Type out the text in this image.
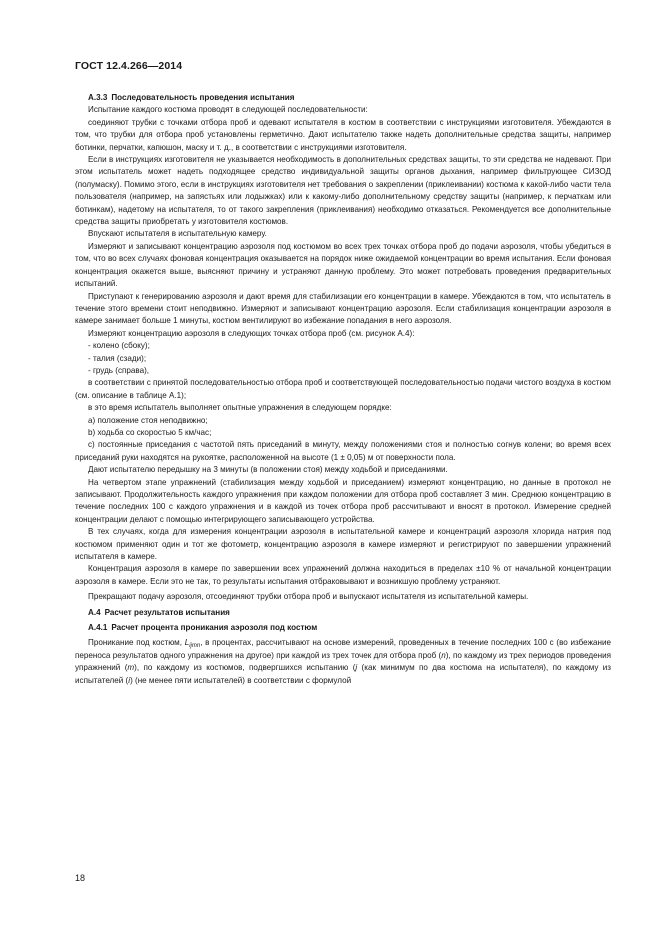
ГОСТ 12.4.266—2014
А.3.3 Последовательность проведения испытания

Испытание каждого костюма проводят в следующей последовательности:

соединяют трубки с точками отбора проб и одевают испытателя в костюм в соответствии с инструкциями изготовителя. Убеждаются в том, что трубки для отбора проб установлены герметично. Дают испытателю также надеть дополнительные средства защиты, например ботинки, перчатки, капюшон, маску и т. д., в соответствии с инструкциями изготовителя.

Если в инструкциях изготовителя не указывается необходимость в дополнительных средствах защиты, то эти средства не надевают. При этом испытатель может надеть подходящее средство индивидуальной защиты органов дыхания, например фильтрующее СИЗОД (полумаску). Помимо этого, если в инструкциях изготовителя нет требования о закреплении (приклеивании) костюма к какой-либо части тела пользователя (например, на запястьях или лодыжках) или к какому-либо дополнительному средству защиты (например, к перчаткам или ботинкам), надетому на испытателя, то от такого закрепления (приклеивания) необходимо отказаться. Рекомендуется все дополнительные средства защиты приобретать у изготовителя костюмов.

Впускают испытателя в испытательную камеру.

Измеряют и записывают концентрацию аэрозоля под костюмом во всех трех точках отбора проб до подачи аэрозоля, чтобы убедиться в том, что во всех случаях фоновая концентрация оказывается на порядок ниже ожидаемой концентрации во время испытания. Если фоновая концентрация окажется выше, выясняют причину и устраняют данную проблему. Это может потребовать проведения предварительных испытаний.

Приступают к генерированию аэрозоля и дают время для стабилизации его концентрации в камере. Убеждаются в том, что испытатель в течение этого времени стоит неподвижно. Измеряют и записывают концентрацию аэрозоля. Если стабилизация концентрации аэрозоля в камере занимает больше 1 минуты, костюм вентилируют во избежание попадания в него аэрозоля.

Измеряют концентрацию аэрозоля в следующих точках отбора проб (см. рисунок А.4):

- колено (сбоку);

- талия (сзади);

- грудь (справа),

в соответствии с принятой последовательностью отбора проб и соответствующей последовательностью подачи чистого воздуха в костюм (см. описание в таблице А.1);

в это время испытатель выполняет опытные упражнения в следующем порядке:

a) положение стоя неподвижно;

b) ходьба со скоростью 5 км/час;

c) постоянные приседания с частотой пять приседаний в минуту, между положениями стоя и полностью согнув колени; во время всех приседаний руки находятся на рукоятке, расположенной на высоте (1 ± 0,05) м от поверхности пола.

Дают испытателю передышку на 3 минуты (в положении стоя) между ходьбой и приседаниями.

На четвертом этапе упражнений (стабилизация между ходьбой и приседанием) измеряют концентрацию, но данные в протокол не записывают. Продолжительность каждого упражнения при каждом положении для отбора проб составляет 3 мин. Среднюю концентрацию в течение последних 100 с каждого упражнения и в каждой из точек отбора проб рассчитывают и вносят в протокол. Измерение средней концентрации делают с помощью интегрирующего записывающего устройства.

В тех случаях, когда для измерения концентрации аэрозоля в испытательной камере и концентраций аэрозоля хлорида натрия под костюмом применяют один и тот же фотометр, концентрацию аэрозоля в камере измеряют и регистрируют по завершении упражнений испытателя в камере.

Концентрация аэрозоля в камере по завершении всех упражнений должна находиться в пределах ±10 % от начальной концентрации аэрозоля в камере. Если это не так, то результаты испытания отбраковывают и возникшую проблему устраняют.

Прекращают подачу аэрозоля, отсоединяют трубки отбора проб и выпускают испытателя из испытательной камеры.

А.4 Расчет результатов испытания
А.4.1 Расчет процента проникания аэрозоля под костюм

Проникание под костюм, $L_{ijmn}$, в процентах, рассчитывают на основе измерений, проведенных в течение последних 100 с (во избежание переноса результатов одного упражнения на другое) при каждой из трех точек для отбора проб (n), по каждому из трех периодов проведения упражнений (m), по каждому из костюмов, подвергшихся испытанию (j (как минимум по два костюма на испытателя), по каждому из испытателей (i) (не менее пяти испытателей) в соответствии с формулой

18
